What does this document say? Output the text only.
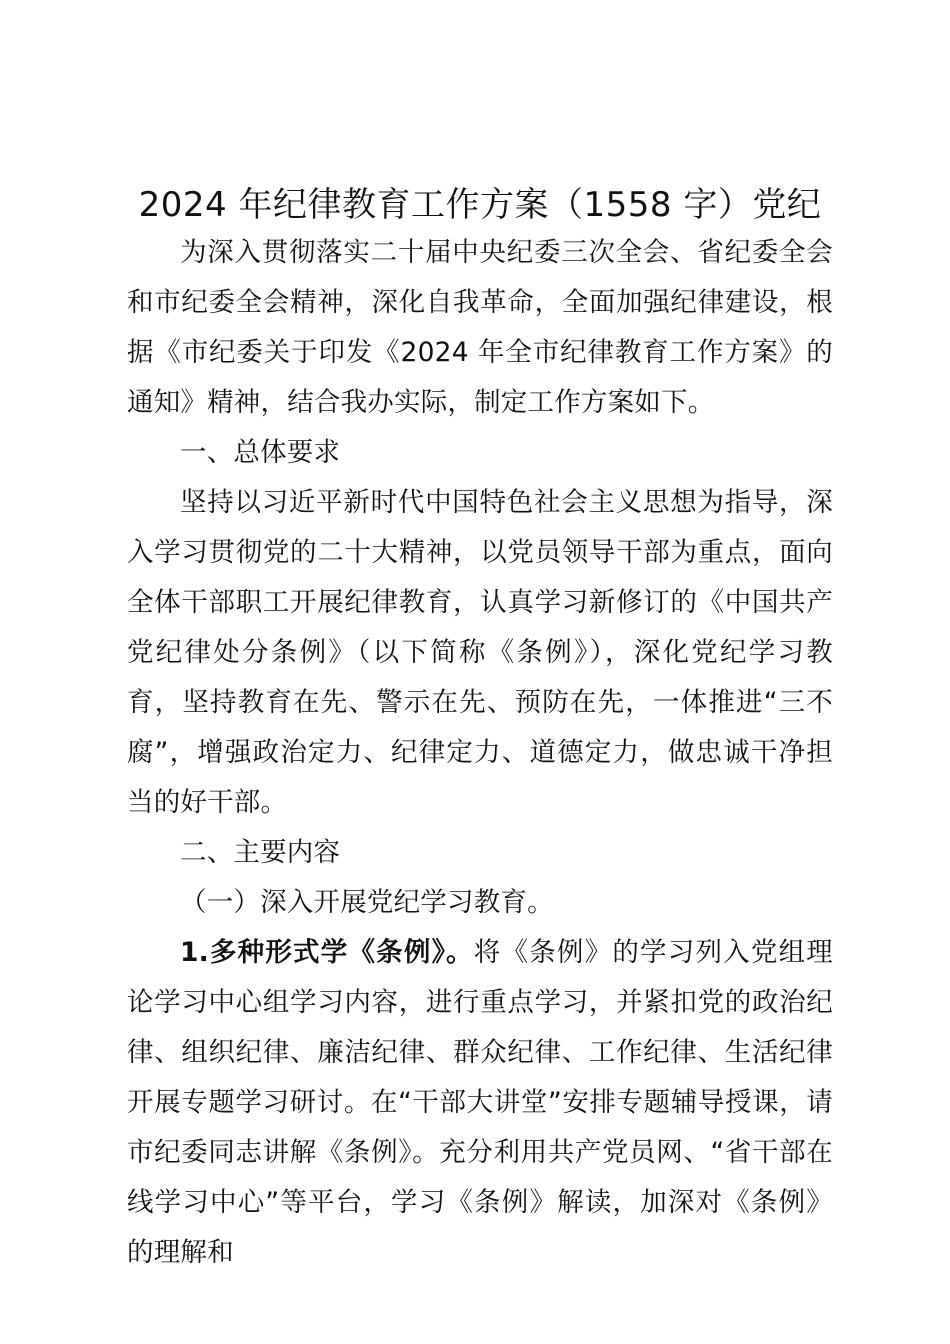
2024 年纪律教育工作方案（1558 字）党纪

为深入贯彻落实二十届中央纪委三次全会、省纪委全会和市纪委全会精神，深化自我革命，全面加强纪律建设，根据《市纪委关于印发《2024 年全市纪律教育工作方案》的通知》精神，结合我办实际，制定工作方案如下。

一、总体要求

坚持以习近平新时代中国特色社会主义思想为指导，深入学习贯彻党的二十大精神，以党员领导干部为重点，面向全体干部职工开展纪律教育，认真学习新修订的《中国共产党纪律处分条例》（以下简称《条例》），深化党纪学习教育，坚持教育在先、警示在先、预防在先，一体推进“三不腐”，增强政治定力、纪律定力、道德定力，做忠诚干净担当的好干部。

二、主要内容

（一）深入开展党纪学习教育。

1.多种形式学《条例》。将《条例》的学习列入党组理论学习中心组学习内容，进行重点学习，并紧扣党的政治纪律、组织纪律、廉洁纪律、群众纪律、工作纪律、生活纪律开展专题学习研讨。在“干部大讲堂”安排专题辅导授课，请市纪委同志讲解《条例》。充分利用共产党员网、“省干部在线学习中心”等平台，学习《条例》解读，加深对《条例》的理解和
